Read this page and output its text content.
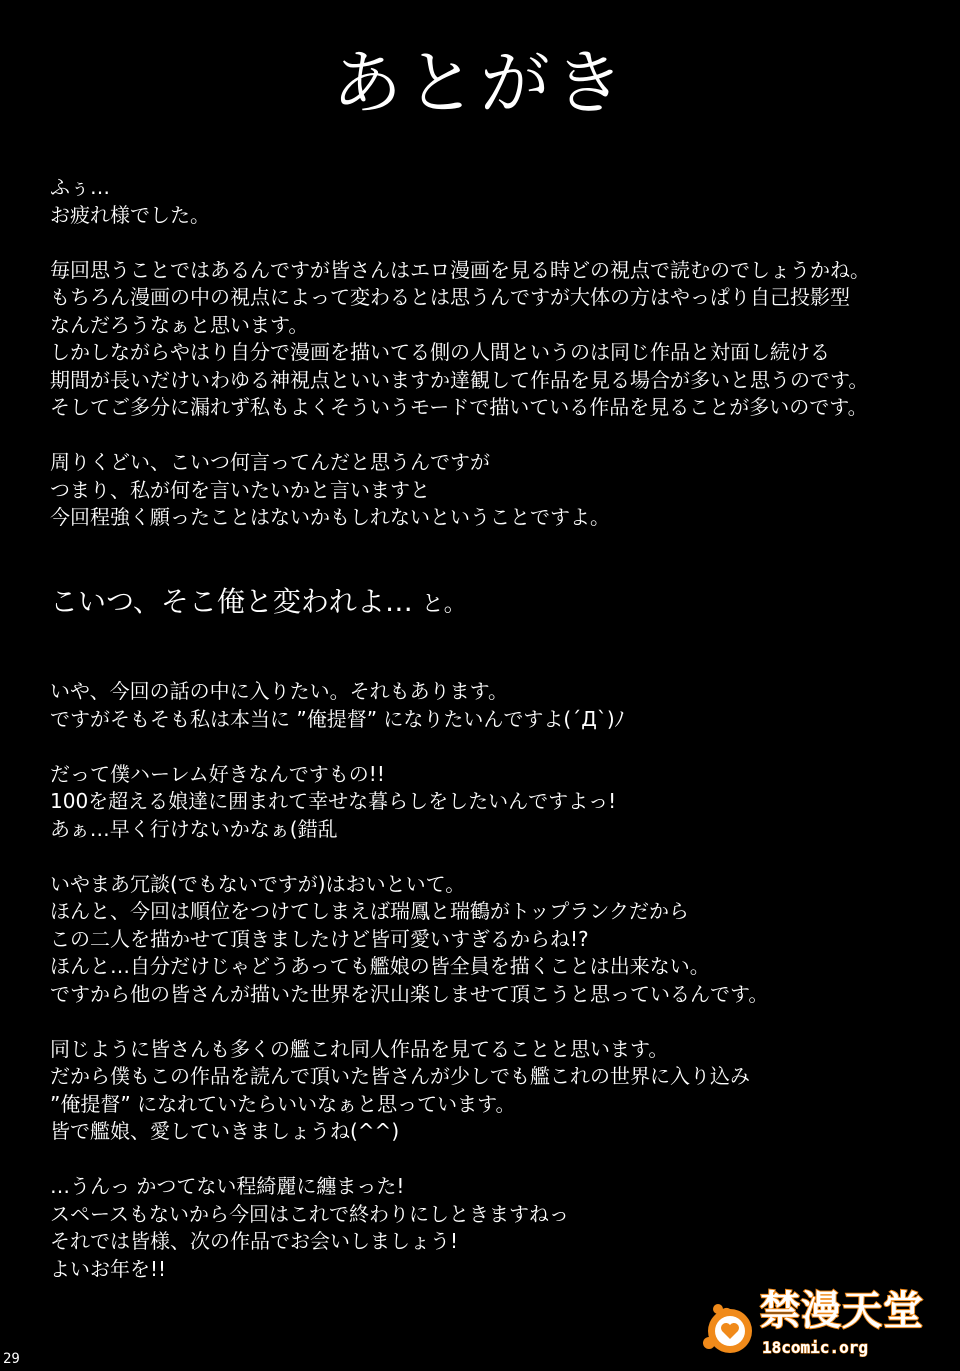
あとがき
ふぅ…
お疲れ様でした。
毎回思うことではあるんですが皆さんはエロ漫画を見る時どの視点で読むのでしょうかね。
もちろん漫画の中の視点によって変わるとは思うんですが大体の方はやっぱり自己投影型
なんだろうなぁと思います。
しかしながらやはり自分で漫画を描いてる側の人間というのは同じ作品と対面し続ける
期間が長いだけいわゆる神視点といいますか達観して作品を見る場合が多いと思うのです。
そしてご多分に漏れず私もよくそういうモードで描いている作品を見ることが多いのです。
周りくどい、こいつ何言ってんだと思うんですが
つまり、私が何を言いたいかと言いますと
今回程強く願ったことはないかもしれないということですよ。
こいつ、そこ俺と変われよ… と。
いや、今回の話の中に入りたい。それもあります。
ですがそもそも私は本当に ”俺提督” になりたいんですよ(´Д`)ﾉ
だって僕ハーレム好きなんですもの!!
100を超える娘達に囲まれて幸せな暮らしをしたいんですよっ!
あぁ…早く行けないかなぁ(錯乱
いやまあ冗談(でもないですが)はおいといて。
ほんと、今回は順位をつけてしまえば瑞鳳と瑞鶴がトップランクだから
この二人を描かせて頂きましたけど皆可愛いすぎるからね!?
ほんと…自分だけじゃどうあっても艦娘の皆全員を描くことは出来ない。
ですから他の皆さんが描いた世界を沢山楽しませて頂こうと思っているんです。
同じように皆さんも多くの艦これ同人作品を見てることと思います。
だから僕もこの作品を読んで頂いた皆さんが少しでも艦これの世界に入り込み
”俺提督” になれていたらいいなぁと思っています。
皆で艦娘、愛していきましょうね(^^)
…うんっ かつてない程綺麗に纏まった!
スペースもないから今回はこれで終わりにしときますねっ
それでは皆様、次の作品でお会いしましょう!
よいお年を!!
29
禁漫天堂
18comic.org
